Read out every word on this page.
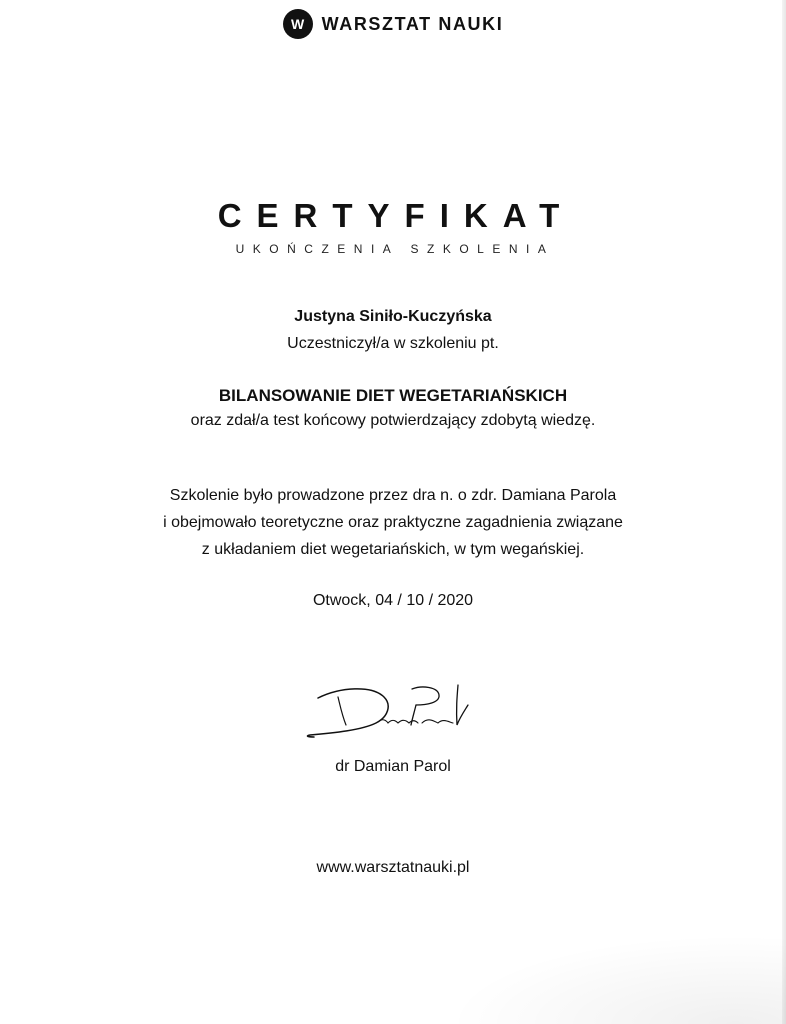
W WARSZTAT NAUKI
CERTYFIKAT
UKOŃCZENIA SZKOLENIA
Justyna Siniło-Kuczyńska
Uczestniczył/a w szkoleniu pt.
BILANSOWANIE DIET WEGETARIAŃSKICH
oraz zdał/a test końcowy potwierdzający zdobytą wiedzę.
Szkolenie było prowadzone przez dra n. o zdr. Damiana Parola
i obejmowało teoretyczne oraz praktyczne zagadnienia związane
z układaniem diet wegetariańskich, w tym wegańskiej.
Otwock, 04 / 10 / 2020
dr Damian Parol
www.warsztatnauki.pl
